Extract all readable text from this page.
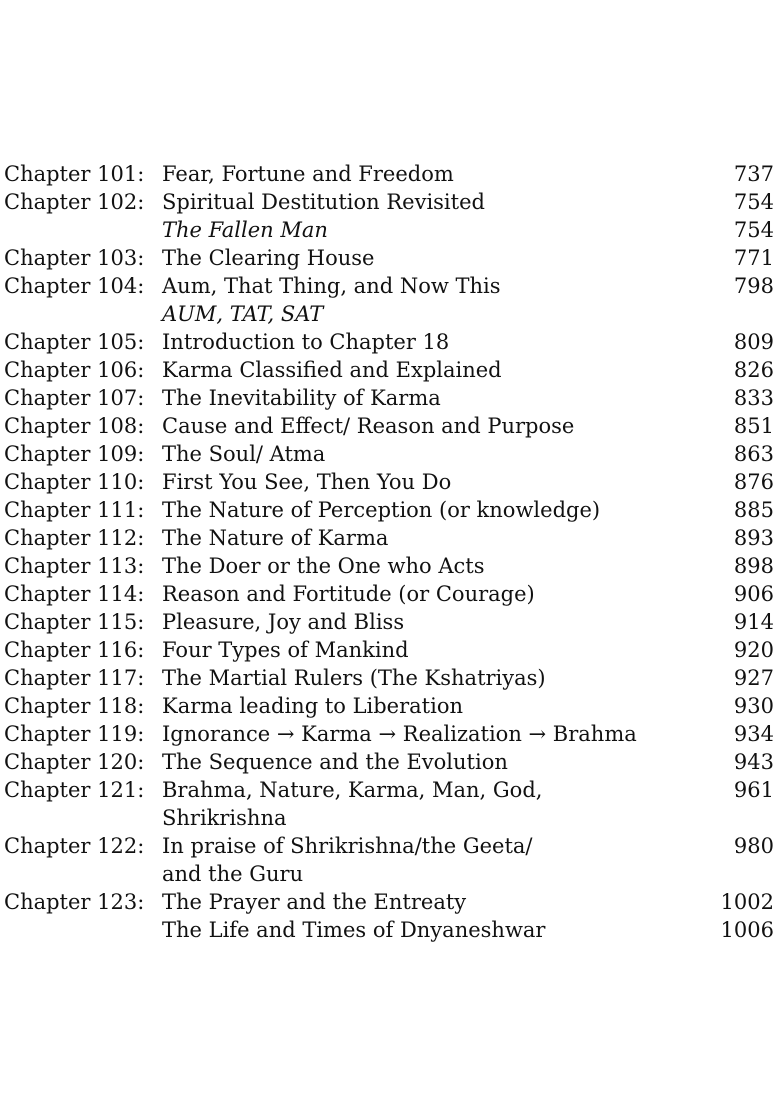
Chapter 101: Fear, Fortune and Freedom	737
Chapter 102: Spiritual Destitution Revisited	754
The Fallen Man	754
Chapter 103: The Clearing House	771
Chapter 104: Aum, That Thing, and Now This	798
AUM, TAT, SAT
Chapter 105: Introduction to Chapter 18	809
Chapter 106: Karma Classified and Explained	826
Chapter 107: The Inevitability of Karma	833
Chapter 108: Cause and Effect/ Reason and Purpose	851
Chapter 109: The Soul/ Atma	863
Chapter 110: First You See, Then You Do	876
Chapter 111: The Nature of Perception (or knowledge)	885
Chapter 112: The Nature of Karma	893
Chapter 113: The Doer or the One who Acts	898
Chapter 114: Reason and Fortitude (or Courage)	906
Chapter 115: Pleasure, Joy and Bliss	914
Chapter 116: Four Types of Mankind	920
Chapter 117: The Martial Rulers (The Kshatriyas)	927
Chapter 118: Karma leading to Liberation	930
Chapter 119: Ignorance → Karma → Realization → Brahma	934
Chapter 120: The Sequence and the Evolution	943
Chapter 121: Brahma, Nature, Karma, Man, God,	961
Shrikrishna
Chapter 122: In praise of Shrikrishna/the Geeta/	980
and the Guru
Chapter 123: The Prayer and the Entreaty	1002
The Life and Times of Dnyaneshwar	1006
